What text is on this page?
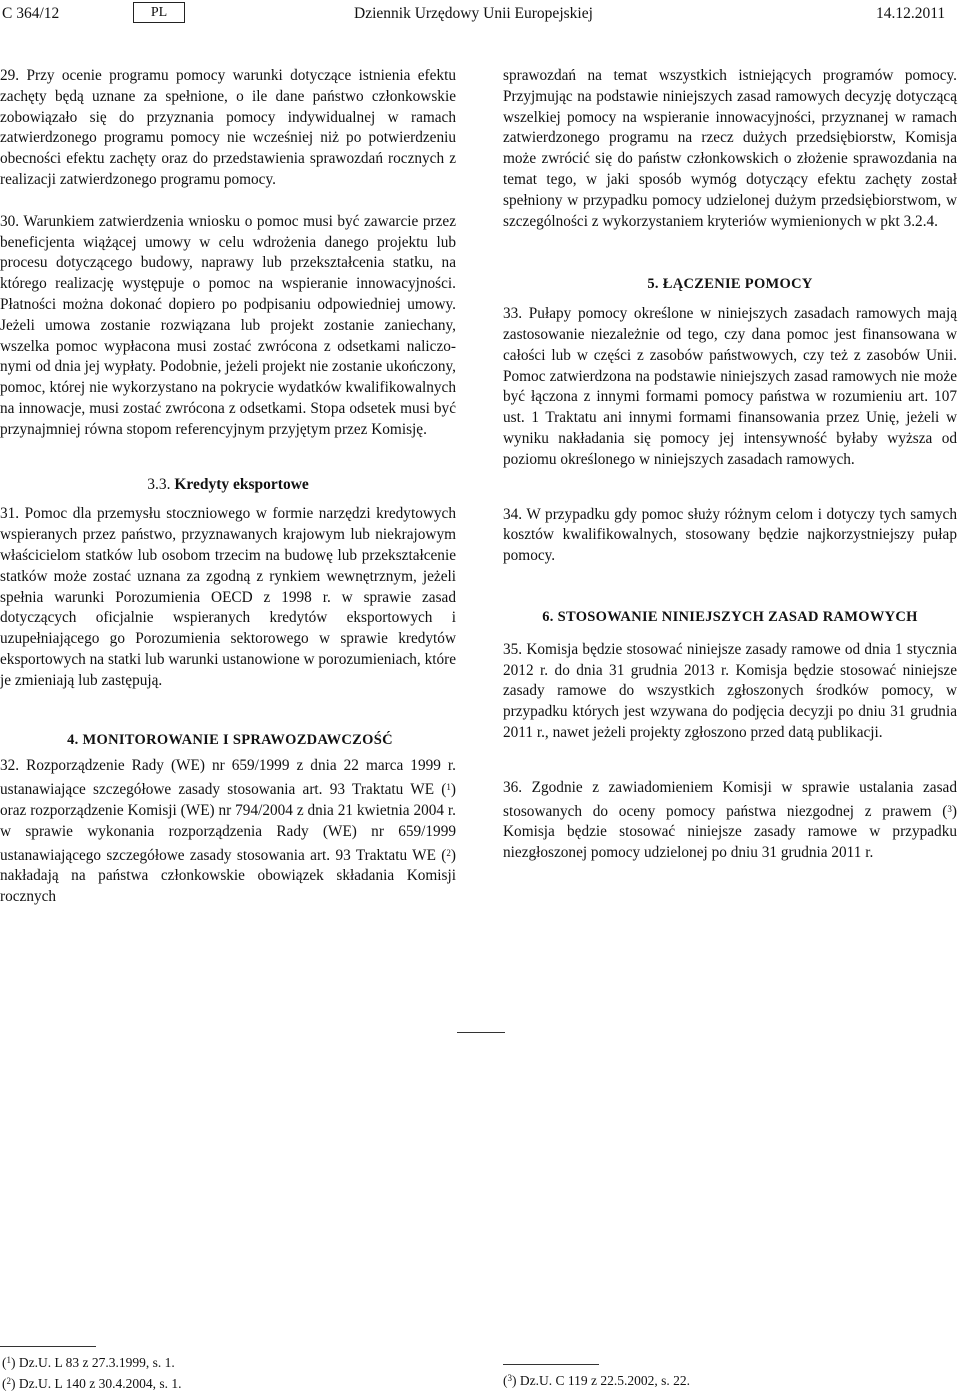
C 364/12	PL	Dziennik Urzędowy Unii Europejskiej	14.12.2011

29. Przy ocenie programu pomocy warunki dotyczące istnienia efektu zachęty będą uznane za spełnione, o ile dane państwo członkowskie zobowiązało się do przyznania pomocy indywidualnej w ramach zatwierdzonego programu pomocy nie wcześniej niż po potwierdzeniu obecności efektu zachęty oraz do przedstawienia sprawozdań rocznych z realizacji zatwierdzonego programu pomocy.

30. Warunkiem zatwierdzenia wniosku o pomoc musi być zawarcie przez beneficjenta wiążącej umowy w celu wdrożenia danego projektu lub procesu dotyczącego budowy, naprawy lub przekształcenia statku, na którego realizację występuje o pomoc na wspieranie innowacyjności. Płatności można dokonać dopiero po podpisaniu odpowiedniej umowy. Jeżeli umowa zostanie rozwiązana lub projekt zostanie zaniechany, wszelka pomoc wypłacona musi zostać zwrócona z odsetkami naliczonymi od dnia jej wypłaty. Podobnie, jeżeli projekt nie zostanie ukończony, pomoc, której nie wykorzystano na pokrycie wydatków kwalifikowalnych na innowacje, musi zostać zwrócona z odsetkami. Stopa odsetek musi być przynajmniej równa stopom referencyjnym przyjętym przez Komisję.

3.3. Kredyty eksportowe

31. Pomoc dla przemysłu stoczniowego w formie narzędzi kredytowych wspieranych przez państwo, przyznawanych krajowym lub niekrajowym właścicielom statków lub osobom trzecim na budowę lub przekształcenie statków może zostać uznana za zgodną z rynkiem wewnętrznym, jeżeli spełnia warunki Porozumienia OECD z 1998 r. w sprawie zasad dotyczących oficjalnie wspieranych kredytów eksportowych i uzupełniającego go Porozumienia sektorowego w sprawie kredytów eksportowych na statki lub warunki ustanowione w porozumieniach, które je zmieniają lub zastępują.

4. MONITOROWANIE I SPRAWOZDAWCZOŚĆ

32. Rozporządzenie Rady (WE) nr 659/1999 z dnia 22 marca 1999 r. ustanawiające szczegółowe zasady stosowania art. 93 Traktatu WE ($^1$) oraz rozporządzenie Komisji (WE) nr 794/2004 z dnia 21 kwietnia 2004 r. w sprawie wykonania rozporządzenia Rady (WE) nr 659/1999 ustanawiającego szczegółowe zasady stosowania art. 93 Traktatu WE ($^2$) nakładają na państwa członkowskie obowiązek składania Komisji rocznych

sprawozdań na temat wszystkich istniejących programów pomocy. Przyjmując na podstawie niniejszych zasad ramowych decyzję dotyczącą wszelkiej pomocy na wspieranie innowacyjności, przyznanej w ramach zatwierdzonego programu na rzecz dużych przedsiębiorstw, Komisja może zwrócić się do państw członkowskich o złożenie sprawozdania na temat tego, w jaki sposób wymóg dotyczący efektu zachęty został spełniony w przypadku pomocy udzielonej dużym przedsiębiorstwom, w szczególności z wykorzystaniem kryteriów wymienionych w pkt 3.2.4.

5. ŁĄCZENIE POMOCY

33. Pułapy pomocy określone w niniejszych zasadach ramowych mają zastosowanie niezależnie od tego, czy dana pomoc jest finansowana w całości lub w części z zasobów państwowych, czy też z zasobów Unii. Pomoc zatwierdzona na podstawie niniejszych zasad ramowych nie może być łączona z innymi formami pomocy państwa w rozumieniu art. 107 ust. 1 Traktatu ani innymi formami finansowania przez Unię, jeżeli w wyniku nakładania się pomocy jej intensywność byłaby wyższa od poziomu określonego w niniejszych zasadach ramowych.

34. W przypadku gdy pomoc służy różnym celom i dotyczy tych samych kosztów kwalifikowalnych, stosowany będzie najkorzystniejszy pułap pomocy.

6. STOSOWANIE NINIEJSZYCH ZASAD RAMOWYCH

35. Komisja będzie stosować niniejsze zasady ramowe od dnia 1 stycznia 2012 r. do dnia 31 grudnia 2013 r. Komisja będzie stosować niniejsze zasady ramowe do wszystkich zgłoszonych środków pomocy, w przypadku których jest wzywana do podjęcia decyzji po dniu 31 grudnia 2011 r., nawet jeżeli projekty zgłoszono przed datą publikacji.

36. Zgodnie z zawiadomieniem Komisji w sprawie ustalania zasad stosowanych do oceny pomocy państwa niezgodnej z prawem ($^3$) Komisja będzie stosować niniejsze zasady ramowe w przypadku niezgłoszonej pomocy udzielonej po dniu 31 grudnia 2011 r.

($^1$) Dz.U. L 83 z 27.3.1999, s. 1.

($^2$) Dz.U. L 140 z 30.4.2004, s. 1.	($^3$) Dz.U. C 119 z 22.5.2002, s. 22.
